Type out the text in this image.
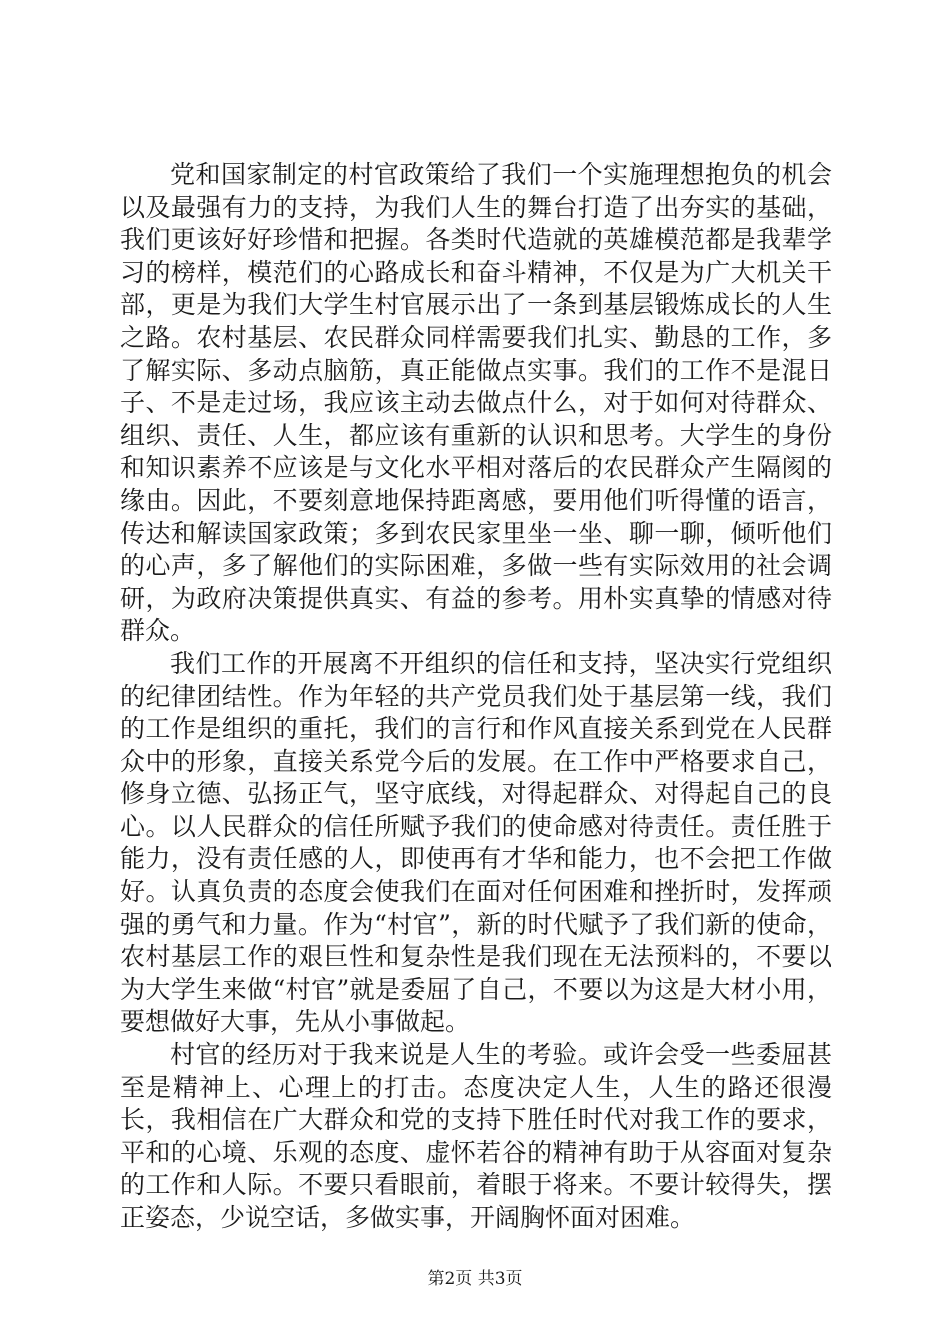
党和国家制定的村官政策给了我们一个实施理想抱负的机会以及最强有力的支持，为我们人生的舞台打造了出夯实的基础，我们更该好好珍惜和把握。各类时代造就的英雄模范都是我辈学习的榜样，模范们的心路成长和奋斗精神，不仅是为广大机关干部，更是为我们大学生村官展示出了一条到基层锻炼成长的人生之路。农村基层、农民群众同样需要我们扎实、勤恳的工作，多了解实际、多动点脑筋，真正能做点实事。我们的工作不是混日子、不是走过场，我应该主动去做点什么，对于如何对待群众、组织、责任、人生，都应该有重新的认识和思考。大学生的身份和知识素养不应该是与文化水平相对落后的农民群众产生隔阂的缘由。因此，不要刻意地保持距离感，要用他们听得懂的语言，传达和解读国家政策；多到农民家里坐一坐、聊一聊，倾听他们的心声，多了解他们的实际困难，多做一些有实际效用的社会调研，为政府决策提供真实、有益的参考。用朴实真挚的情感对待群众。

我们工作的开展离不开组织的信任和支持，坚决实行党组织的纪律团结性。作为年轻的共产党员我们处于基层第一线，我们的工作是组织的重托，我们的言行和作风直接关系到党在人民群众中的形象，直接关系党今后的发展。在工作中严格要求自己，修身立德、弘扬正气，坚守底线，对得起群众、对得起自己的良心。以人民群众的信任所赋予我们的使命感对待责任。责任胜于能力，没有责任感的人，即使再有才华和能力，也不会把工作做好。认真负责的态度会使我们在面对任何困难和挫折时，发挥顽强的勇气和力量。作为“村官”，新的时代赋予了我们新的使命，农村基层工作的艰巨性和复杂性是我们现在无法预料的，不要以为大学生来做“村官”就是委屈了自己，不要以为这是大材小用，要想做好大事，先从小事做起。

村官的经历对于我来说是人生的考验。或许会受一些委屈甚至是精神上、心理上的打击。态度决定人生，人生的路还很漫长，我相信在广大群众和党的支持下胜任时代对我工作的要求，平和的心境、乐观的态度、虚怀若谷的精神有助于从容面对复杂的工作和人际。不要只看眼前，着眼于将来。不要计较得失，摆正姿态，少说空话，多做实事，开阔胸怀面对困难。

第2页 共3页
